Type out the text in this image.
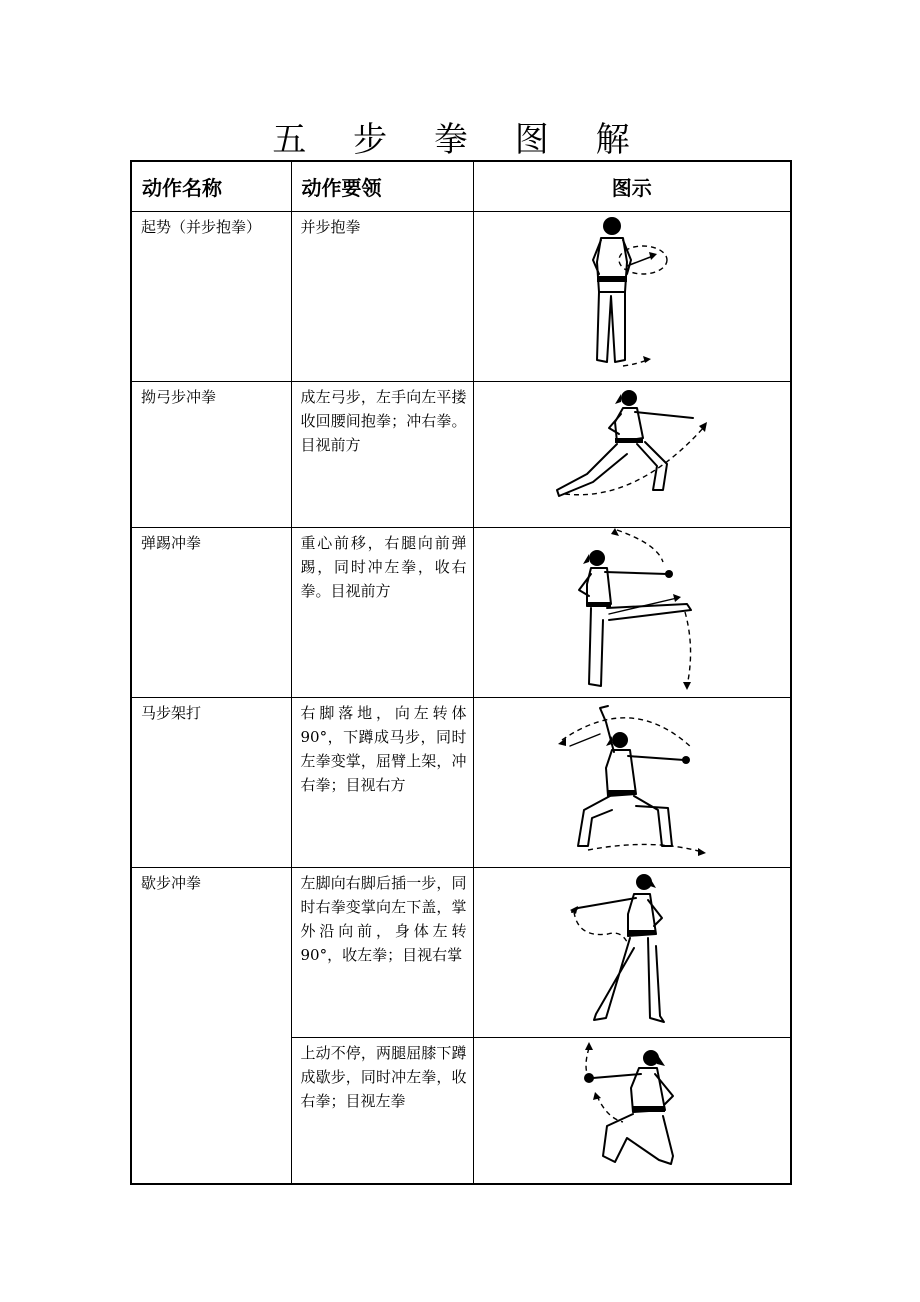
五 步 拳 图 解
动作名称	动作要领	图示

起势（并步抱拳）	并步抱拳

拗弓步冲拳	成左弓步，左手向左平搂收回腰间抱拳；冲右拳。目视前方

弹踢冲拳	重心前移，右腿向前弹踢，同时冲左拳，收右拳。目视前方

马步架打	右脚落地，向左转体 90°，下蹲成马步，同时左拳变掌，屈臂上架，冲右拳；目视右方

歇步冲拳	左脚向右脚后插一步，同时右拳变掌向左下盖，掌外沿向前，身体左转 90°，收左拳；目视右掌

	上动不停，两腿屈膝下蹲成歇步，同时冲左拳，收右拳；目视左拳
